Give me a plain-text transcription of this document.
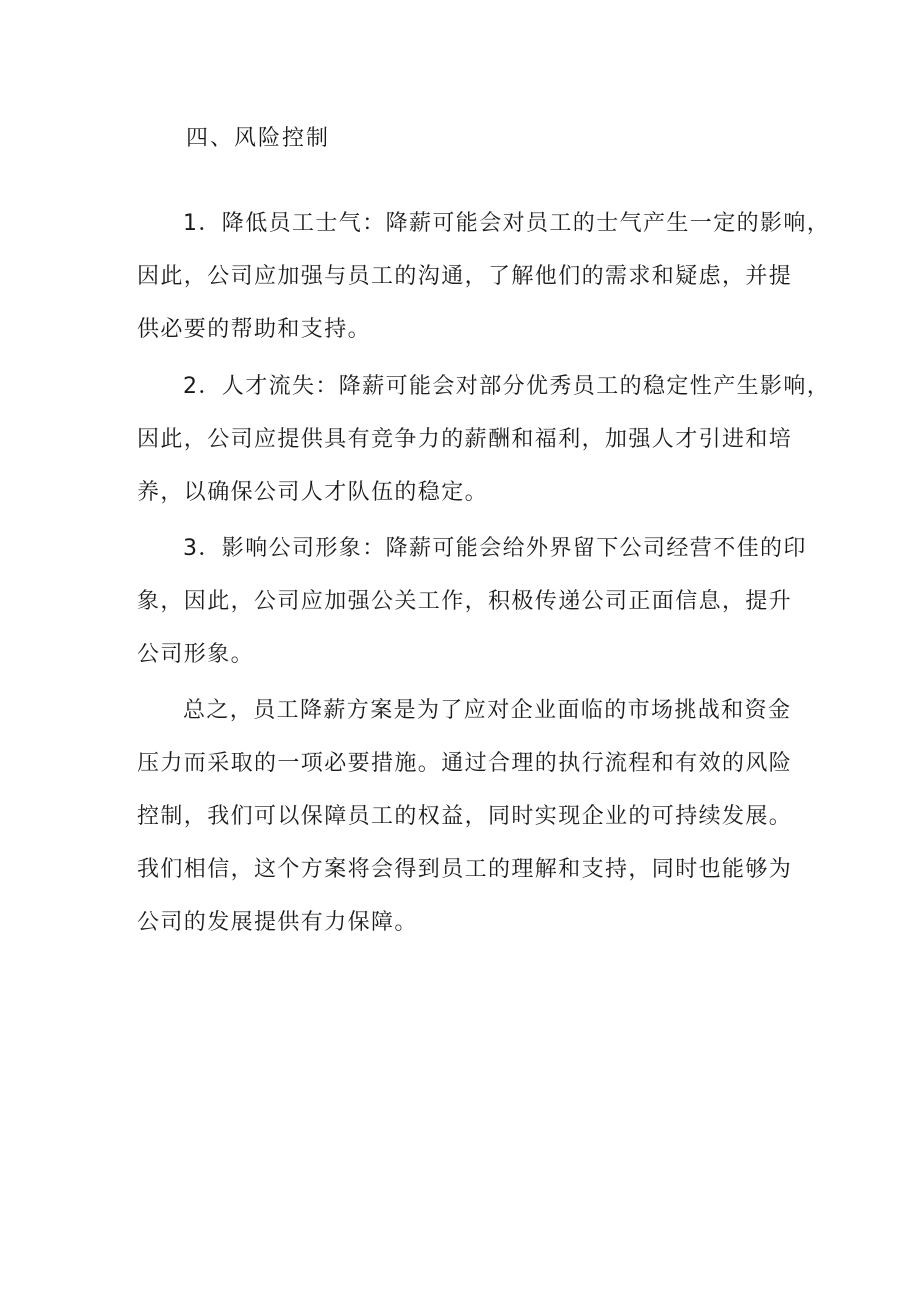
四、风险控制
1．降低员工士气：降薪可能会对员工的士气产生一定的影响，
因此，公司应加强与员工的沟通，了解他们的需求和疑虑，并提
供必要的帮助和支持。
2．人才流失：降薪可能会对部分优秀员工的稳定性产生影响，
因此，公司应提供具有竞争力的薪酬和福利，加强人才引进和培
养，以确保公司人才队伍的稳定。
3．影响公司形象：降薪可能会给外界留下公司经营不佳的印
象，因此，公司应加强公关工作，积极传递公司正面信息，提升
公司形象。
总之，员工降薪方案是为了应对企业面临的市场挑战和资金
压力而采取的一项必要措施。通过合理的执行流程和有效的风险
控制，我们可以保障员工的权益，同时实现企业的可持续发展。
我们相信，这个方案将会得到员工的理解和支持，同时也能够为
公司的发展提供有力保障。
